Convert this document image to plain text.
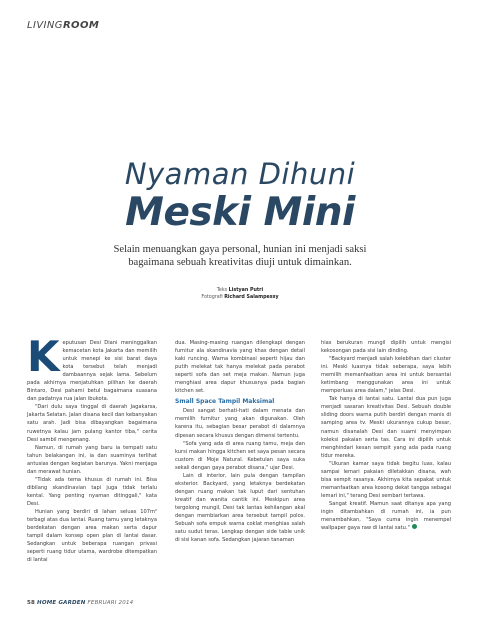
LIVINGROOM
Nyaman Dihuni
Meski Mini
Selain menuangkan gaya personal, hunian ini menjadi saksi bagaimana sebuah kreativitas diuji untuk dimainkan.
Teks Listyan Putri
Fotografi Richard Salampessy
K eputusan Desi Diani meninggalkan kemacetan kota Jakarta dan memilih untuk menepi ke sisi barat daya kota tersebut telah menjadi dambaannya sejak lama. Sebelum pada akhirnya menjatuhkan pilihan ke daerah Bintaro, Desi pahami betul bagaimana suasana dan padatnya rua jalan ibukota.

"Dari dulu saya tinggal di daerah Jagakarsa, Jakarta Selatan. Jalan disana kecil dan kebanyakan satu arah. Jadi bisa dibayangkan bagaimana ruwetnya kalau jam pulang kantor tiba," cerita Desi sambil mengenang.

Namun, di rumah yang baru ia tempati satu tahun belakangan ini, ia dan suaminya terlihat antusias dengan kegiatan barunya. Yakni menjaga dan merawat hunian.

"Tidak ada tema khusus di rumah ini. Bisa dibilang skandinavian tapi juga tidak terlalu kental. Yang penting nyaman ditinggali," kata Desi.

Hunian yang berdiri di lahan seluas 107m² terbagi atas dua lantai. Ruang tamu yang letaknya berdekatan dengan area makan serta dapur tampil dalam konsep open plan di lantai dasar. Sedangkan untuk beberapa ruangan privasi seperti ruang tidur utama, wardrobe ditempatkan di lantai

dua. Masing-masing ruangan dilengkapi dengan furnitur ala skandinavia yang khas dengan detail kaki runcing. Warna kombinasi seperti hijau dan putih melekat tak hanya melekat pada perabot seperti sofa dan set meja makan. Namun juga menghiasi area dapur khususnya pada bagian kitchen set.

Small Space Tampil Maksimal

Desi sangat berhati-hati dalam menata dan memilih furnitur yang akan digunakan. Oleh karena itu, sebagian besar perabot di dalamnya dipesan secara khusus dengan dimensi tertentu.

"Sofa yang ada di area ruang tamu, meja dan kursi makan hingga kitchen set saya pesan secara custom di Moje Natural. Kebetulan saya suka sekali dengan gaya perabot disana," ujar Desi.

Lain di interior, lain pula dengan tampilan eksterior. Backyard, yang letaknya berdekatan dengan ruang makan tak luput dari sentuhan kreatif dan wanita cantik ini. Meskipun area tergolong mungil, Desi tak lantas kehilangan akal dengan membiarkan area tersebut tampil polos. Sebuah sofa empuk warna coklat menghias salah satu sudut teras. Lengkap dengan side table unik di sisi kanan sofa. Sedangkan jajaran tanaman

hias berukuran mungil dipilih untuk mengisi kekosongan pada sisi lain dinding.

"Backyard menjadi salah kelebihan dari cluster ini. Meski luasnya tidak seberapa, saya lebih memilih memanfaatkan area ini untuk bersantai ketimbang menggunakan area ini untuk memperluas area dalam," jelas Desi.

Tak hanya di lantai satu. Lantai dua pun juga menjadi sasaran kreativitas Desi. Sebuah double sliding doors warna putih berdiri dengan manis di samping area tv. Meski ukurannya cukup besar, namun disanalah Desi dan suami menyimpan koleksi pakaian serta tas. Cara ini dipilih untuk menghindari kesan sempit yang ada pada ruang tidur mereka.

"Ukuran kamar saya tidak begitu luas, kalau sampai lemari pakaian diletakkan disana, wah bisa sempit rasanya. Akhirnya kita sepakat untuk memanfaatkan area kosong dekat tangga sebagai lemari ini," terang Desi sembari tertawa.

Sangat kreatif. Mamun saat ditanya apa yang ingin ditambahkan di rumah ini, ia pun menambahkan, "Saya cuma ingin menempel wallpaper gaya raw di lantai satu."

58 HOME GARDEN FEBRUARI 2014
